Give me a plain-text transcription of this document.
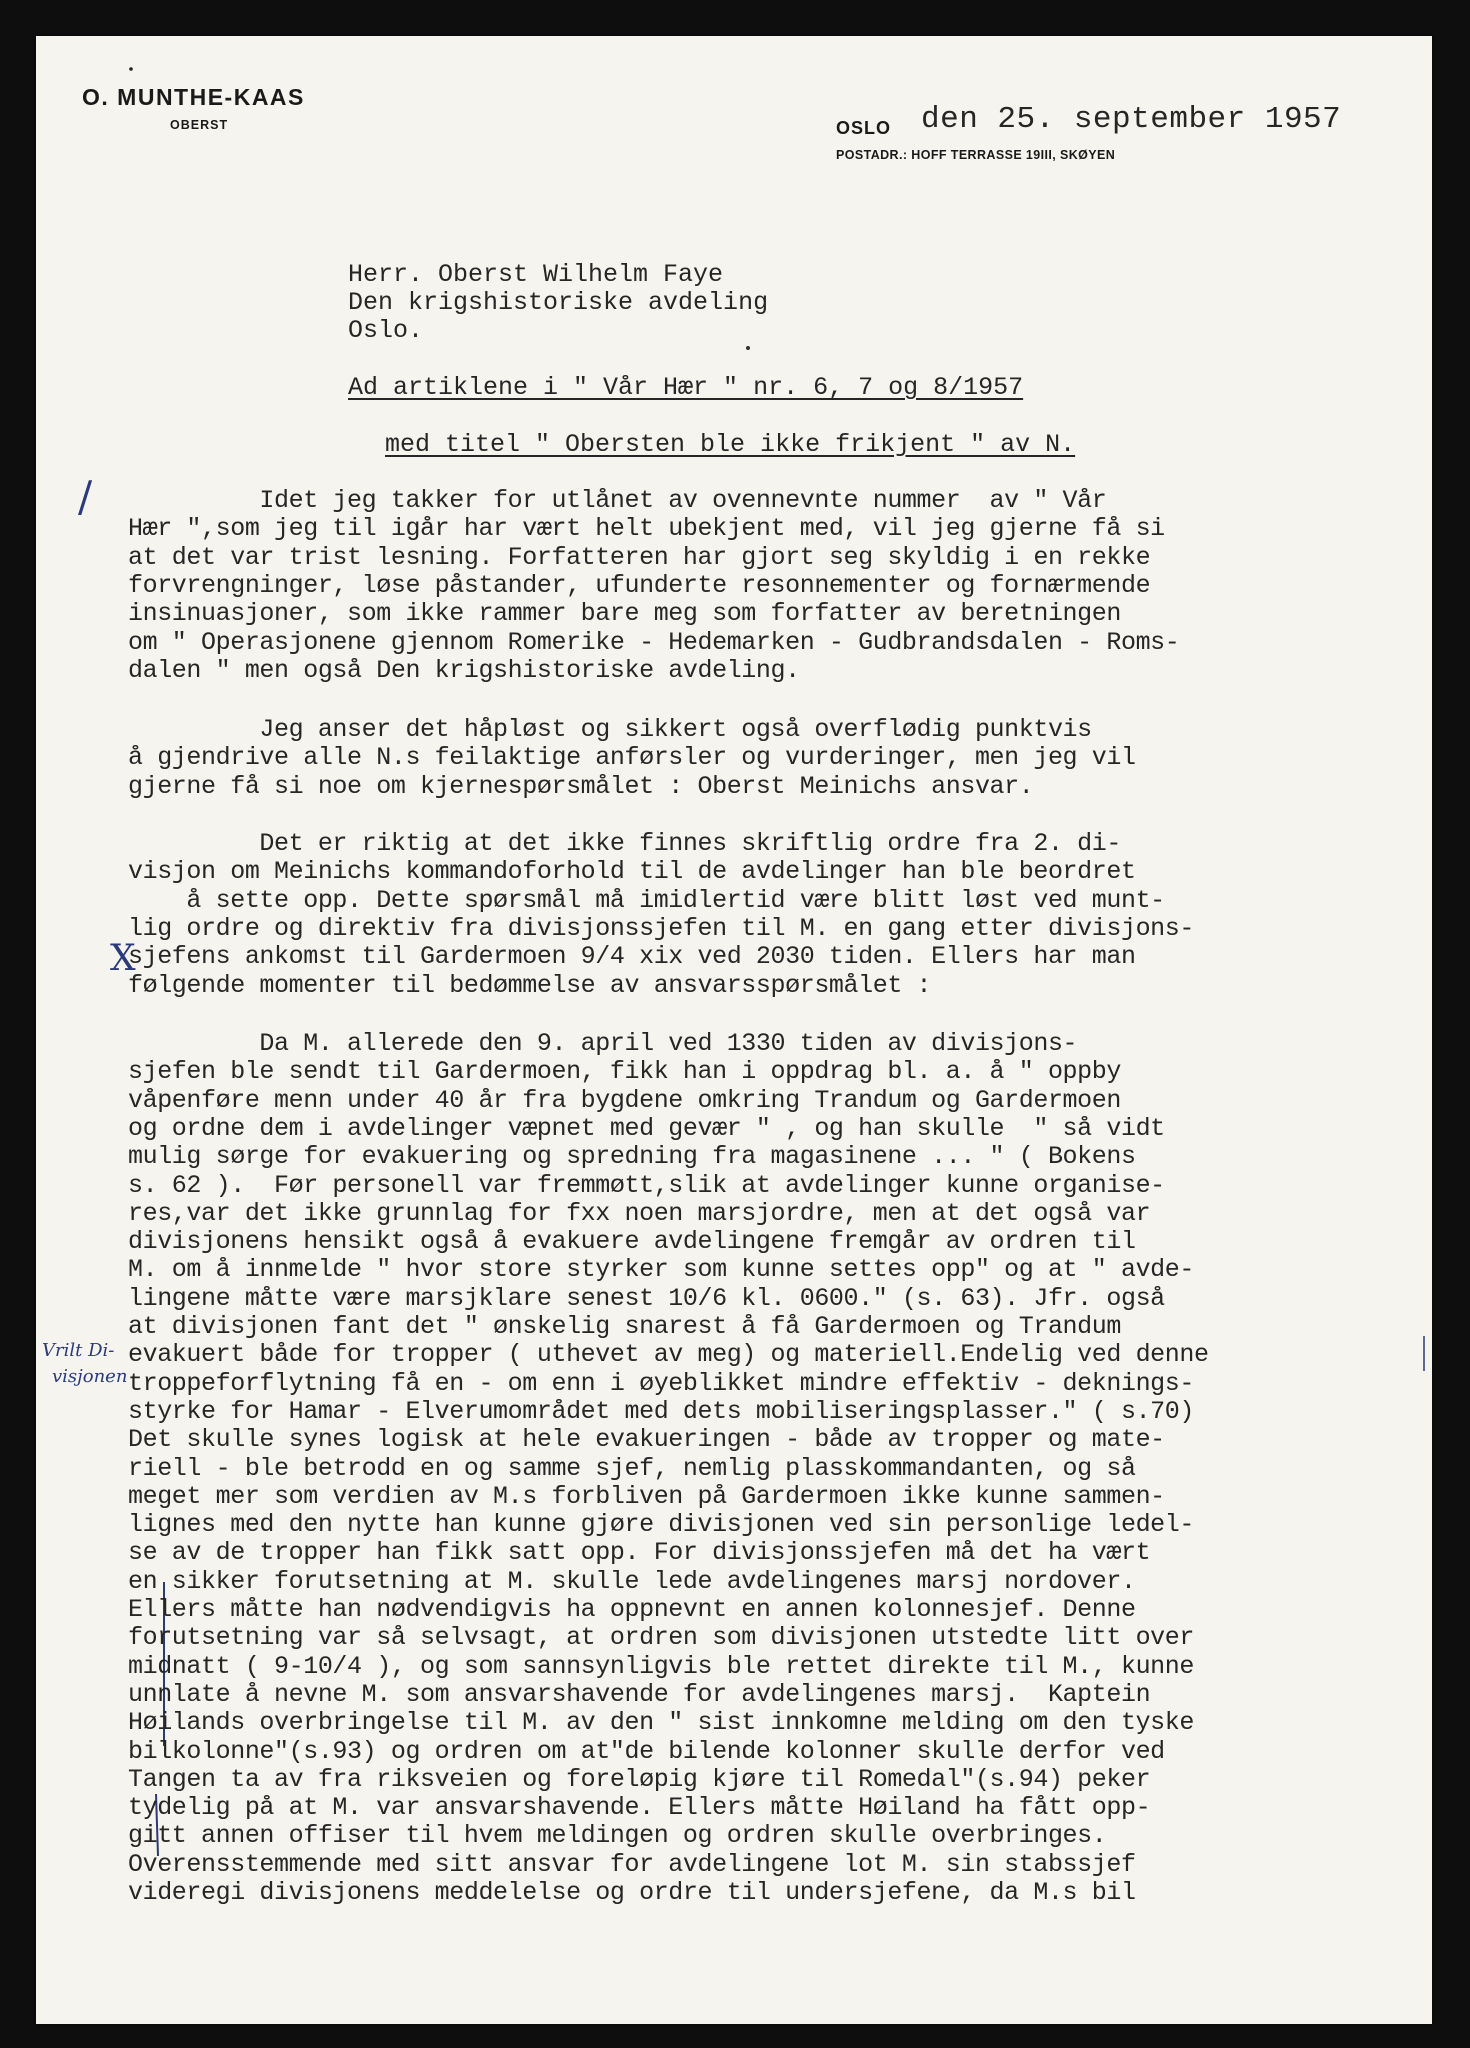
O. MUNTHE-KAAS
OBERST	OSLO den 25. september 1957
POSTADR.: HOFF TERRASSE 19III, SKØYEN
Herr. Oberst Wilhelm Faye
Den krigshistoriske avdeling
Oslo.
Ad artiklene i " Vår Hær " nr. 6, 7 og 8/1957
med titel " Obersten ble ikke frikjent " av N.
/
X
Vrilt Di-
visjonen
Idet jeg takker for utlånet av ovennevnte nummer  av " Vår
Hær ",som jeg til igår har vært helt ubekjent med, vil jeg gjerne få si
at det var trist lesning. Forfatteren har gjort seg skyldig i en rekke
forvrengninger, løse påstander, ufunderte resonnementer og fornærmende
insinuasjoner, som ikke rammer bare meg som forfatter av beretningen
om " Operasjonene gjennom Romerike - Hedemarken - Gudbrandsdalen - Roms-
dalen " men også Den krigshistoriske avdeling.
Jeg anser det håpløst og sikkert også overflødig punktvis
å gjendrive alle N.s feilaktige anførsler og vurderinger, men jeg vil
gjerne få si noe om kjernespørsmålet : Oberst Meinichs ansvar.
Det er riktig at det ikke finnes skriftlig ordre fra 2. di-
visjon om Meinichs kommandoforhold til de avdelinger han ble beordret
å sette opp. Dette spørsmål må imidlertid være blitt løst ved munt-
lig ordre og direktiv fra divisjonssjefen til M. en gang etter divisjons-
sjefens ankomst til Gardermoen 9/4 xix ved 2030 tiden. Ellers har man
følgende momenter til bedømmelse av ansvarsspørsmålet :
Da M. allerede den 9. april ved 1330 tiden av divisjons-
sjefen ble sendt til Gardermoen, fikk han i oppdrag bl. a. å " oppby
våpenføre menn under 40 år fra bygdene omkring Trandum og Gardermoen
og ordne dem i avdelinger væpnet med gevær " , og han skulle  " så vidt
mulig sørge for evakuering og spredning fra magasinene ... " ( Bokens
s. 62 ).  Før personell var fremmøtt,slik at avdelinger kunne organise-
res,var det ikke grunnlag for fxx noen marsjordre, men at det også var
divisjonens hensikt også å evakuere avdelingene fremgår av ordren til
M. om å innmelde " hvor store styrker som kunne settes opp" og at " avde-
lingene måtte være marsjklare senest 10/6 kl. 0600." (s. 63). Jfr. også
at divisjonen fant det " ønskelig snarest å få Gardermoen og Trandum
evakuert både for tropper ( uthevet av meg) og materiell.Endelig ved denne
troppeforflytning få en - om enn i øyeblikket mindre effektiv - deknings-
styrke for Hamar - Elverumområdet med dets mobiliseringsplasser." ( s.70)
Det skulle synes logisk at hele evakueringen - både av tropper og mate-
riell - ble betrodd en og samme sjef, nemlig plasskommandanten, og så
meget mer som verdien av M.s forbliven på Gardermoen ikke kunne sammen-
lignes med den nytte han kunne gjøre divisjonen ved sin personlige ledel-
se av de tropper han fikk satt opp. For divisjonssjefen må det ha vært
en sikker forutsetning at M. skulle lede avdelingenes marsj nordover.
Ellers måtte han nødvendigvis ha oppnevnt en annen kolonnesjef. Denne
forutsetning var så selvsagt, at ordren som divisjonen utstedte litt over
midnatt ( 9-10/4 ), og som sannsynligvis ble rettet direkte til M., kunne
unnlate å nevne M. som ansvarshavende for avdelingenes marsj.  Kaptein
Høilands overbringelse til M. av den " sist innkomne melding om den tyske
bilkolonne"(s.93) og ordren om at"de bilende kolonner skulle derfor ved
Tangen ta av fra riksveien og foreløpig kjøre til Romedal"(s.94) peker
tydelig på at M. var ansvarshavende. Ellers måtte Høiland ha fått opp-
gitt annen offiser til hvem meldingen og ordren skulle overbringes.
Overensstemmende med sitt ansvar for avdelingene lot M. sin stabssjef
videregi divisjonens meddelelse og ordre til undersjefene, da M.s bil
